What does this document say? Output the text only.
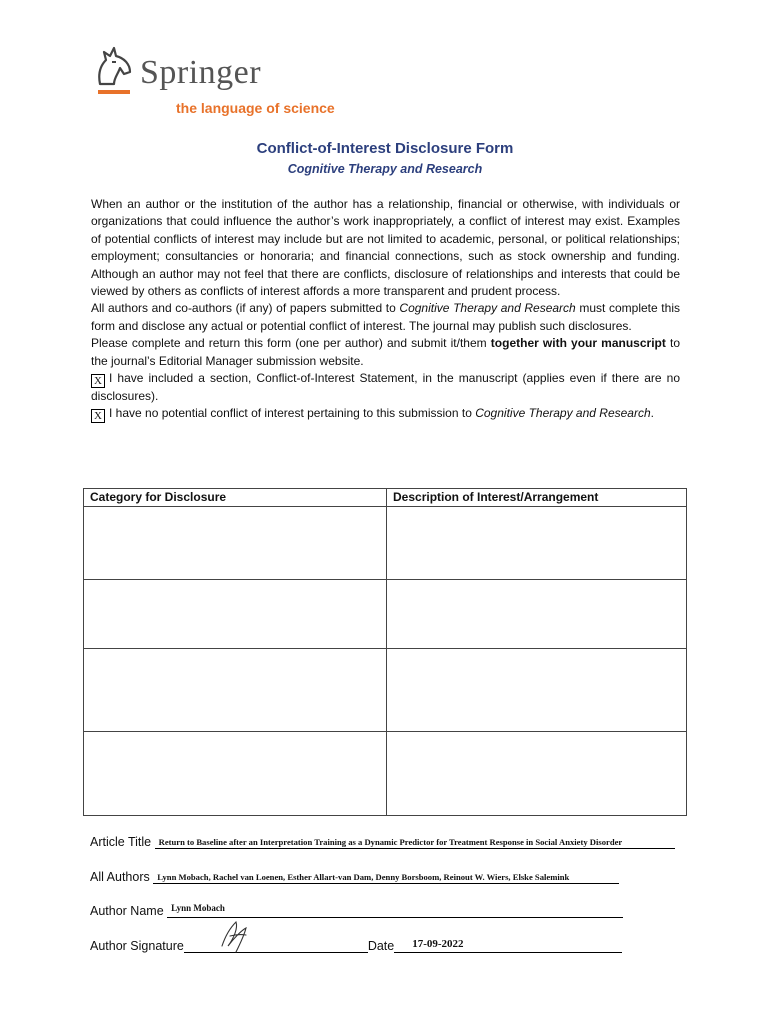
Springer
the language of science
Conflict-of-Interest Disclosure Form
Cognitive Therapy and Research

When an author or the institution of the author has a relationship, financial or otherwise, with individuals or organizations that could influence the author’s work inappropriately, a conflict of interest may exist. Examples of potential conflicts of interest may include but are not limited to academic, personal, or political relationships; employment; consultancies or honoraria; and financial connections, such as stock ownership and funding. Although an author may not feel that there are conflicts, disclosure of relationships and interests that could be viewed by others as conflicts of interest affords a more transparent and prudent process.

All authors and co-authors (if any) of papers submitted to Cognitive Therapy and Research must complete this form and disclose any actual or potential conflict of interest. The journal may publish such disclosures.

Please complete and return this form (one per author) and submit it/them together with your manuscript to the journal’s Editorial Manager submission website.

X I have included a section, Conflict-of-Interest Statement, in the manuscript (applies even if there are no disclosures).

X I have no potential conflict of interest pertaining to this submission to Cognitive Therapy and Research.

Category for Disclosure	Description of Interest/Arrangement

Article Title Return to Baseline after an Interpretation Training as a Dynamic Predictor for Treatment Response in Social Anxiety Disorder
All Authors Lynn Mobach, Rachel van Loenen, Esther Allart-van Dam, Denny Borsboom, Reinout W. Wiers, Elske Salemink
Author Name Lynn Mobach
Author Signature	Date 17-09-2022
